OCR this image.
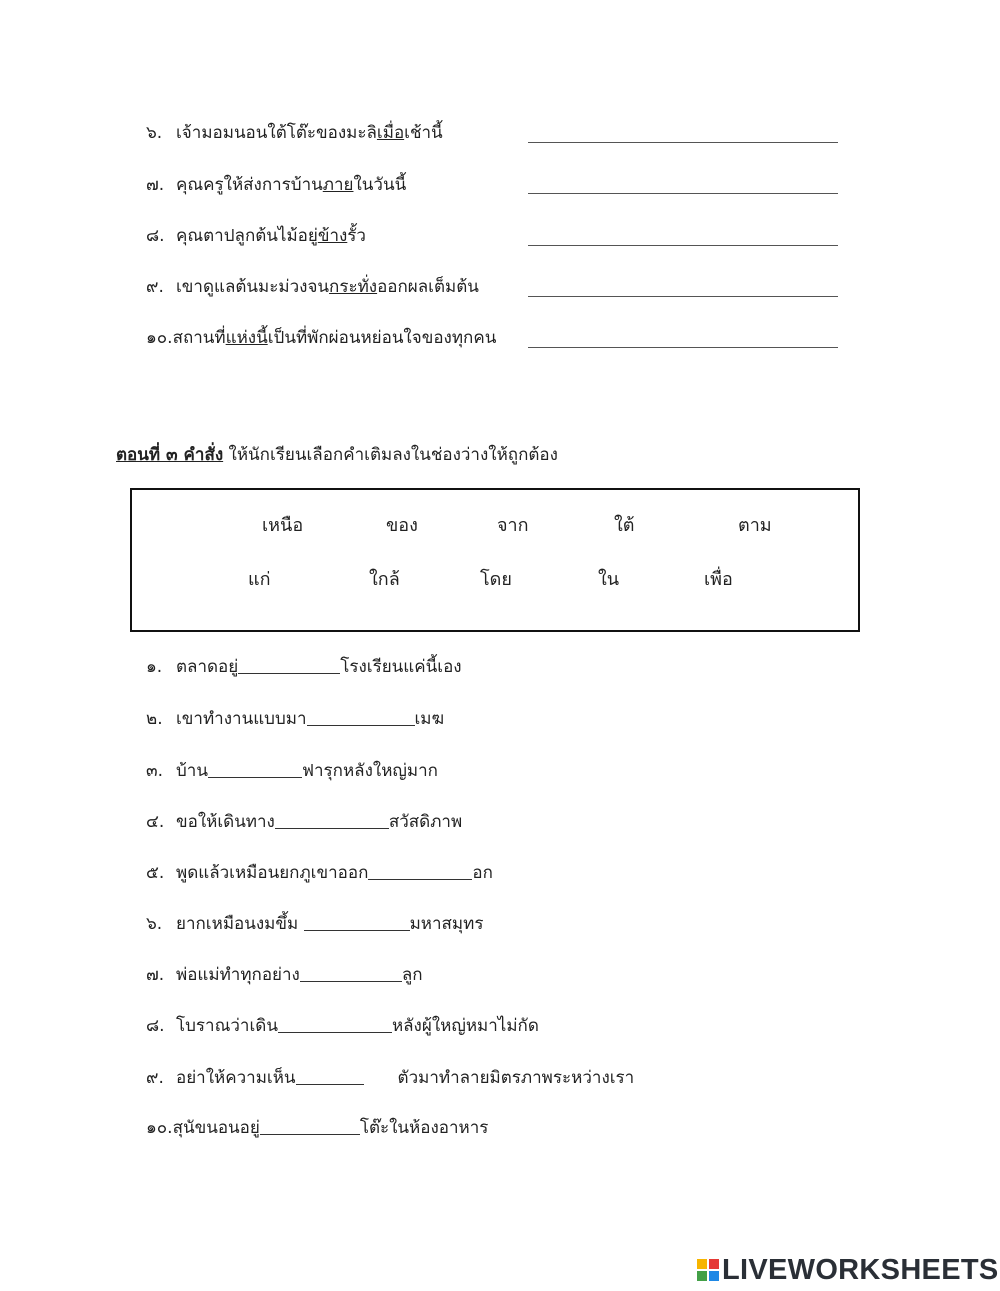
๖. เจ้ามอมนอนใต้โต๊ะของมะลิเมื่อเช้านี้
๗. คุณครูให้ส่งการบ้านภายในวันนี้
๘. คุณตาปลูกต้นไม้อยู่ข้างรั้ว
๙. เขาดูแลต้นมะม่วงจนกระทั่งออกผลเต็มต้น
๑๐.สถานที่แห่งนี้เป็นที่พักผ่อนหย่อนใจของทุกคน
ตอนที่ ๓ คำสั่ง ให้นักเรียนเลือกคำเติมลงในช่องว่างให้ถูกต้อง
เหนือ	ของ	จาก	ใต้	ตาม
แก่	ใกล้	โดย	ใน	เพื่อ
๑. ตลาดอยู่	โรงเรียนแค่นี้เอง
๒. เขาทำงานแบบมา	เมฆ
๓. บ้าน	ฟารุกหลังใหญ่มาก
๔. ขอให้เดินทาง	สวัสดิภาพ
๕. พูดแล้วเหมือนยกภูเขาออก	อก
๖. ยากเหมือนงมขึ้ม	มหาสมุทร
๗. พ่อแม่ทำทุกอย่าง	ลูก
๘. โบราณว่าเดิน	หลังผู้ใหญ่หมาไม่กัด
๙. อย่าให้ความเห็น	ตัวมาทำลายมิตรภาพระหว่างเรา
๑๐.สุนัขนอนอยู่	โต๊ะในห้องอาหาร
LIVEWORKSHEETS
